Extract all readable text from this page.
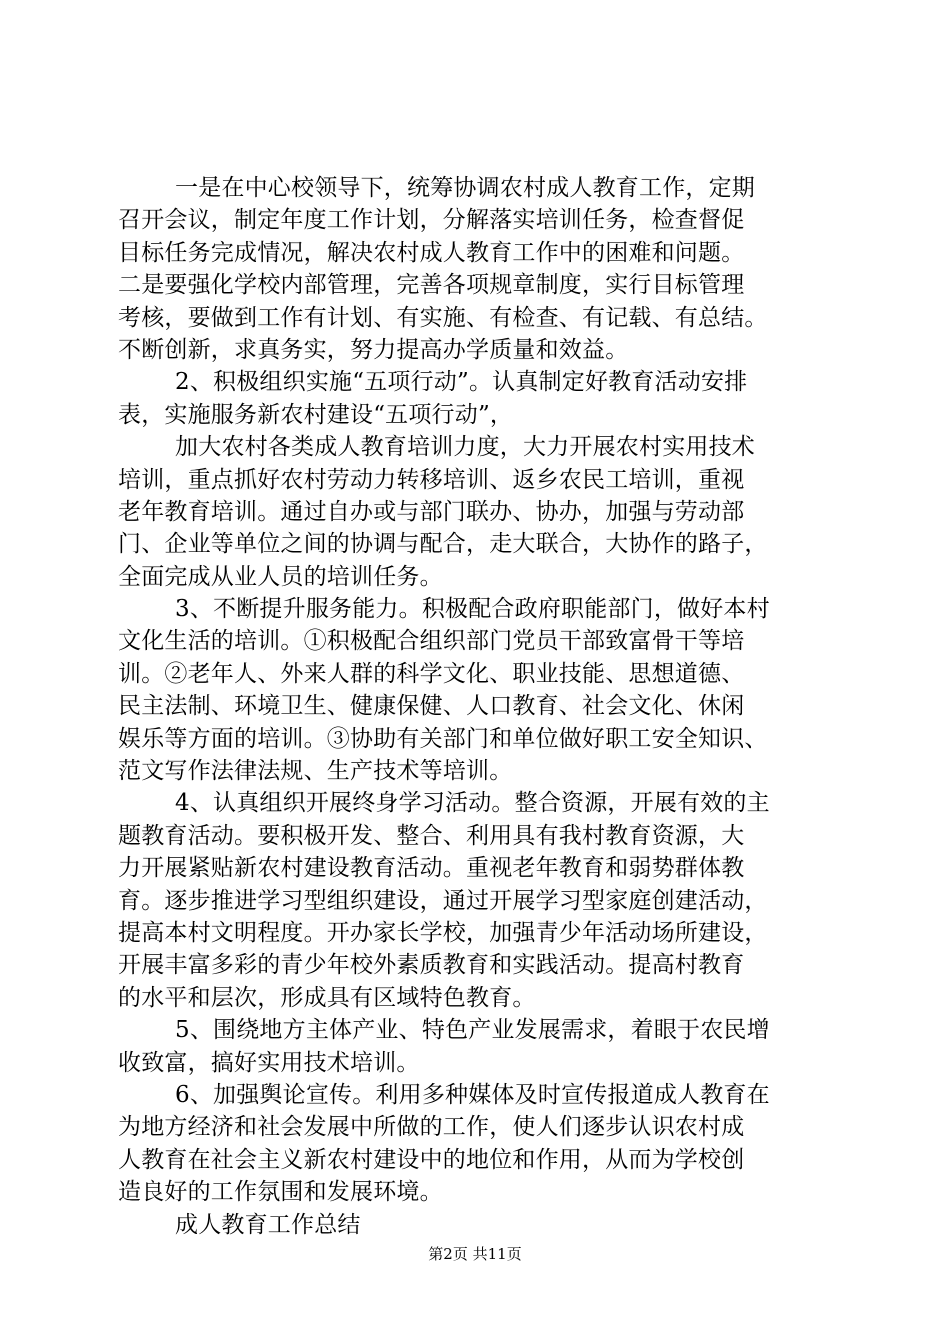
一是在中心校领导下，统筹协调农村成人教育工作，定期
召开会议，制定年度工作计划，分解落实培训任务，检查督促
目标任务完成情况，解决农村成人教育工作中的困难和问题。
二是要强化学校内部管理，完善各项规章制度，实行目标管理
考核，要做到工作有计划、有实施、有检查、有记载、有总结。
不断创新，求真务实，努力提高办学质量和效益。
2、积极组织实施“五项行动”。认真制定好教育活动安排
表，实施服务新农村建设“五项行动”，
加大农村各类成人教育培训力度，大力开展农村实用技术
培训，重点抓好农村劳动力转移培训、返乡农民工培训，重视
老年教育培训。通过自办或与部门联办、协办，加强与劳动部
门、企业等单位之间的协调与配合，走大联合，大协作的路子，
全面完成从业人员的培训任务。
3、不断提升服务能力。积极配合政府职能部门，做好本村
文化生活的培训。①积极配合组织部门党员干部致富骨干等培
训。②老年人、外来人群的科学文化、职业技能、思想道德、
民主法制、环境卫生、健康保健、人口教育、社会文化、休闲
娱乐等方面的培训。③协助有关部门和单位做好职工安全知识、
范文写作法律法规、生产技术等培训。
4、认真组织开展终身学习活动。整合资源，开展有效的主
题教育活动。要积极开发、整合、利用具有我村教育资源，大
力开展紧贴新农村建设教育活动。重视老年教育和弱势群体教
育。逐步推进学习型组织建设，通过开展学习型家庭创建活动，
提高本村文明程度。开办家长学校，加强青少年活动场所建设，
开展丰富多彩的青少年校外素质教育和实践活动。提高村教育
的水平和层次，形成具有区域特色教育。
5、围绕地方主体产业、特色产业发展需求，着眼于农民增
收致富，搞好实用技术培训。
6、加强舆论宣传。利用多种媒体及时宣传报道成人教育在
为地方经济和社会发展中所做的工作，使人们逐步认识农村成
人教育在社会主义新农村建设中的地位和作用，从而为学校创
造良好的工作氛围和发展环境。
成人教育工作总结
第2页 共11页
